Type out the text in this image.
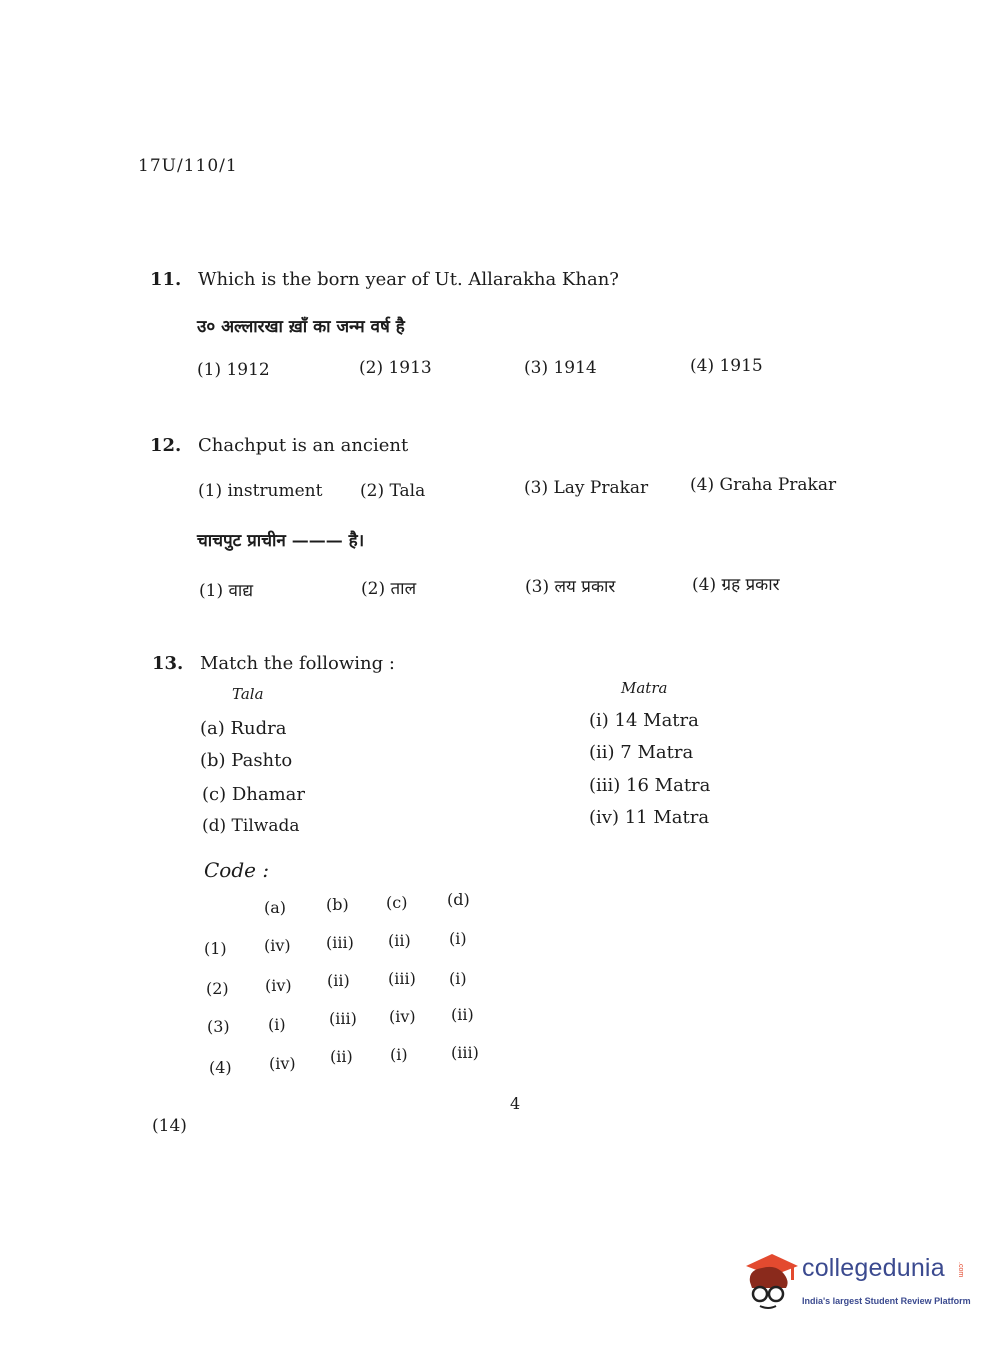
17U/110/1
11. Which is the born year of Ut. Allarakha Khan?
उ० अल्लारखा ख़ाँ का जन्म वर्ष है
(1) 1912	(2) 1913	(3) 1914	(4) 1915
12. Chachput is an ancient
(1) instrument (2) Tala	(3) Lay Prakar (4) Graha Prakar
चाचपुट प्राचीन ——— है।
(1) वाद्य	(2) ताल	(3) लय प्रकार	(4) ग्रह प्रकार
13. Match the following :
Tala	Matra
(a) Rudra
(b) Pashto
(c) Dhamar
(d) Tilwada
(i) 14 Matra
(ii) 7 Matra
(iii) 16 Matra
(iv) 11 Matra
Code :
(a) (b) (c) (d)
(1) (iv) (iii) (ii) (i)
(2) (iv) (ii) (iii) (i)
(3) (i)	(iii) (iv) (ii)
(4) (iv) (ii) (i)	(iii)
4
(14)
collegedunia .com
India's largest Student Review Platform
